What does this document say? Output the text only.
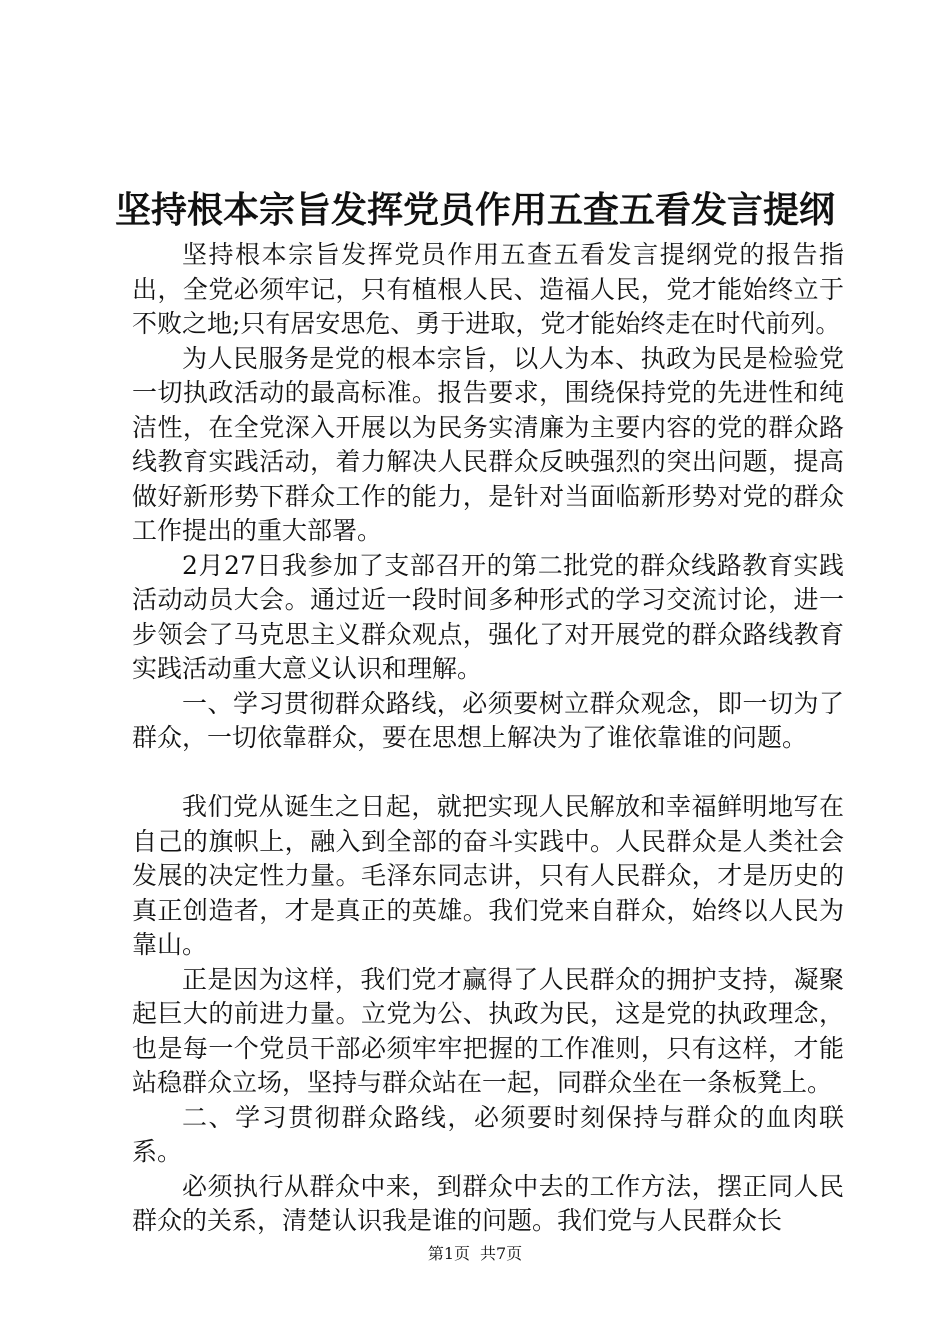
坚持根本宗旨发挥党员作用五查五看发言提纲

坚持根本宗旨发挥党员作用五查五看发言提纲党的报告指出，全党必须牢记，只有植根人民、造福人民，党才能始终立于不败之地;只有居安思危、勇于进取，党才能始终走在时代前列。

为人民服务是党的根本宗旨，以人为本、执政为民是检验党一切执政活动的最高标准。报告要求，围绕保持党的先进性和纯洁性，在全党深入开展以为民务实清廉为主要内容的党的群众路线教育实践活动，着力解决人民群众反映强烈的突出问题，提高做好新形势下群众工作的能力，是针对当面临新形势对党的群众工作提出的重大部署。

2月27日我参加了支部召开的第二批党的群众线路教育实践活动动员大会。通过近一段时间多种形式的学习交流讨论，进一步领会了马克思主义群众观点，强化了对开展党的群众路线教育实践活动重大意义认识和理解。

一、学习贯彻群众路线，必须要树立群众观念，即一切为了群众，一切依靠群众，要在思想上解决为了谁依靠谁的问题。

我们党从诞生之日起，就把实现人民解放和幸福鲜明地写在自己的旗帜上，融入到全部的奋斗实践中。人民群众是人类社会发展的决定性力量。毛泽东同志讲，只有人民群众，才是历史的真正创造者，才是真正的英雄。我们党来自群众，始终以人民为靠山。

正是因为这样，我们党才赢得了人民群众的拥护支持，凝聚起巨大的前进力量。立党为公、执政为民，这是党的执政理念，也是每一个党员干部必须牢牢把握的工作准则，只有这样，才能站稳群众立场，坚持与群众站在一起，同群众坐在一条板凳上。

二、学习贯彻群众路线，必须要时刻保持与群众的血肉联系。

必须执行从群众中来，到群众中去的工作方法，摆正同人民群众的关系，清楚认识我是谁的问题。我们党与人民群众长

第1页 共7页
